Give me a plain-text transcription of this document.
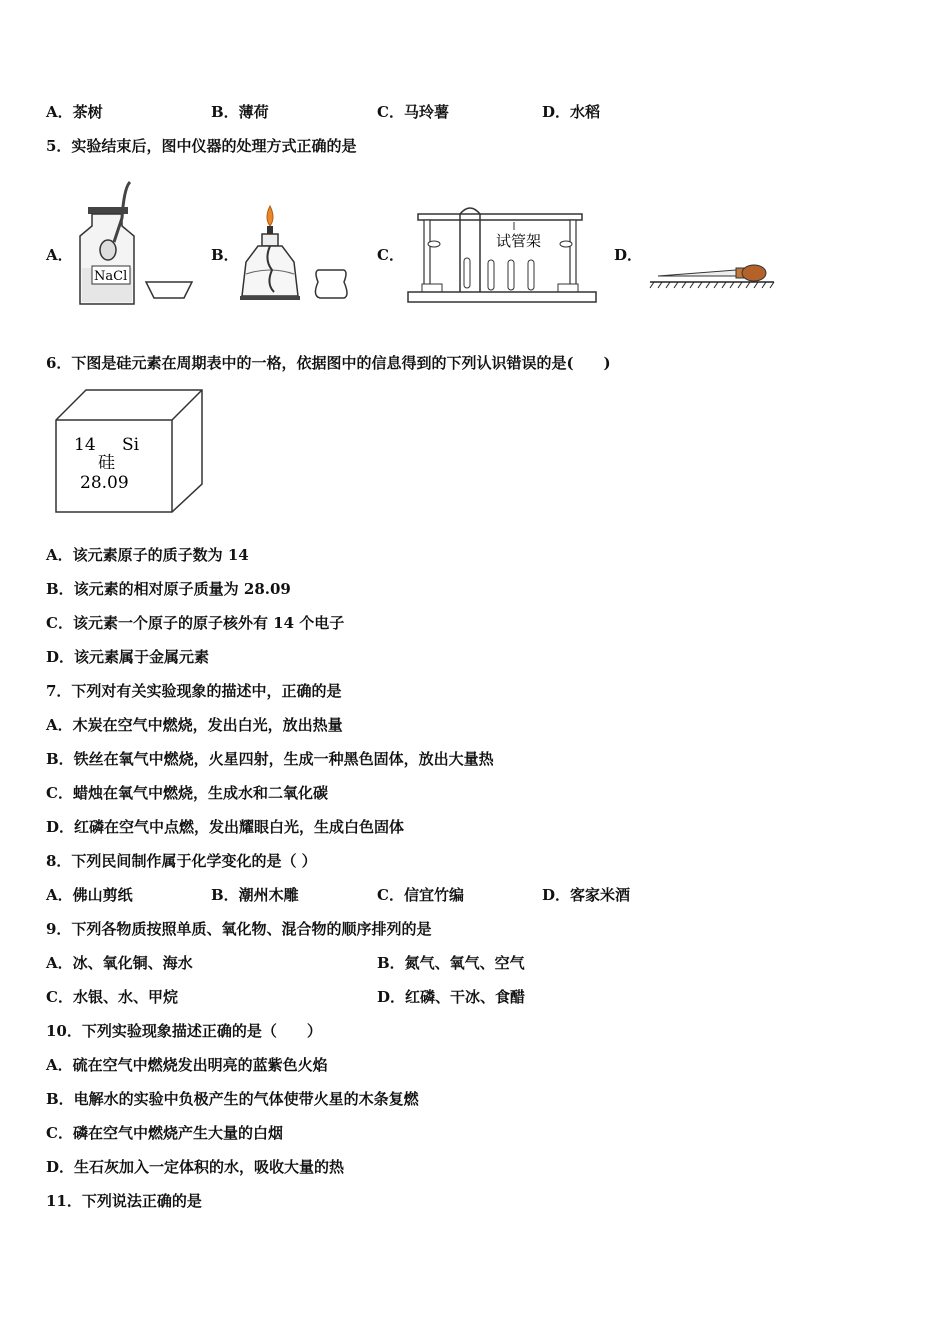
A．茶树	B．薄荷	C．马玲薯	D．水稻
5．实验结束后，图中仪器的处理方式正确的是
A．
NaCl
B．	C．
试管架
D．
6．下图是硅元素在周期表中的一格，依据图中的信息得到的下列认识错误的是(　　)
14 Si
硅
28.09
A．该元素原子的质子数为 14
B．该元素的相对原子质量为 28.09
C．该元素一个原子的原子核外有 14 个电子
D．该元素属于金属元素
7．下列对有关实验现象的描述中，正确的是
A．木炭在空气中燃烧，发出白光，放出热量
B．铁丝在氧气中燃烧，火星四射，生成一种黑色固体，放出大量热
C．蜡烛在氧气中燃烧，生成水和二氧化碳
D．红磷在空气中点燃，发出耀眼白光，生成白色固体
8．下列民间制作属于化学变化的是（ ）
A．佛山剪纸	B．潮州木雕	C．信宜竹编	D．客家米酒
9．下列各物质按照单质、氧化物、混合物的顺序排列的是
A．冰、氧化铜、海水	B．氮气、氧气、空气
C．水银、水、甲烷	D．红磷、干冰、食醋
10．下列实验现象描述正确的是（　　）
A．硫在空气中燃烧发出明亮的蓝紫色火焰
B．电解水的实验中负极产生的气体使带火星的木条复燃
C．磷在空气中燃烧产生大量的白烟
D．生石灰加入一定体积的水，吸收大量的热
11．下列说法正确的是
